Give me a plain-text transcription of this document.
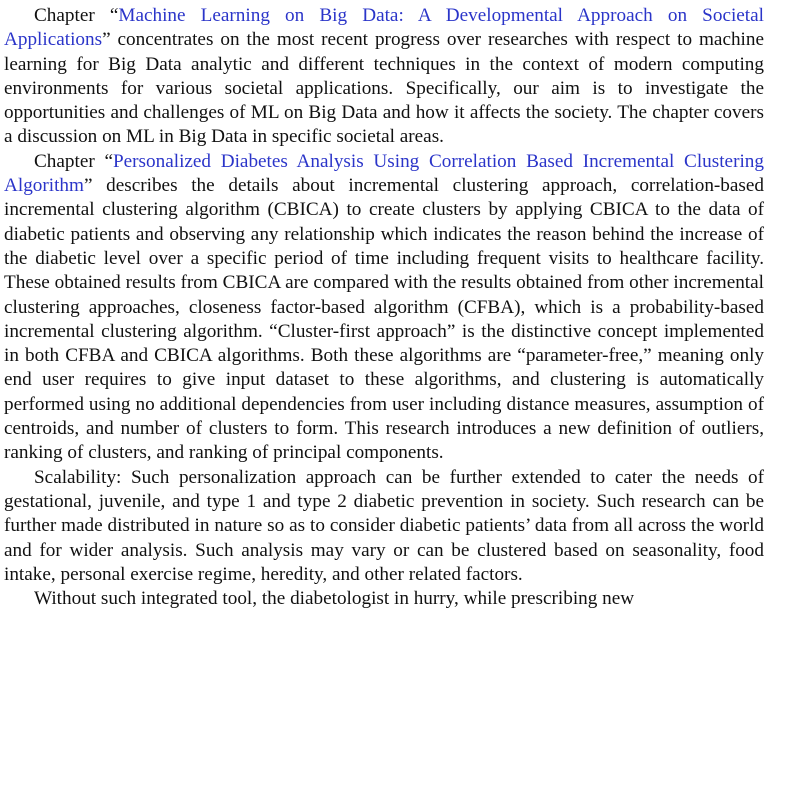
Chapter “Machine Learning on Big Data: A Developmental Approach on Societal Applications” concentrates on the most recent progress over researches with respect to machine learning for Big Data analytic and different techniques in the context of modern computing environments for various societal applications. Specifically, our aim is to investigate the opportunities and challenges of ML on Big Data and how it affects the society. The chapter covers a discussion on ML in Big Data in specific societal areas.

Chapter “Personalized Diabetes Analysis Using Correlation Based Incremental Clustering Algorithm” describes the details about incremental clustering approach, correlation-based incremental clustering algorithm (CBICA) to create clusters by applying CBICA to the data of diabetic patients and observing any relationship which indicates the reason behind the increase of the diabetic level over a specific period of time including frequent visits to healthcare facility. These obtained results from CBICA are compared with the results obtained from other incremental clustering approaches, closeness factor-based algorithm (CFBA), which is a probability-based incremental clustering algorithm. “Cluster-first approach” is the distinctive concept implemented in both CFBA and CBICA algorithms. Both these algorithms are “parameter-free,” meaning only end user requires to give input dataset to these algorithms, and clustering is automatically performed using no additional dependencies from user including distance measures, assumption of centroids, and number of clusters to form. This research introduces a new definition of outliers, ranking of clusters, and ranking of principal components.

Scalability: Such personalization approach can be further extended to cater the needs of gestational, juvenile, and type 1 and type 2 diabetic prevention in society. Such research can be further made distributed in nature so as to consider diabetic patients’ data from all across the world and for wider analysis. Such analysis may vary or can be clustered based on seasonality, food intake, personal exercise regime, heredity, and other related factors.

Without such integrated tool, the diabetologist in hurry, while prescribing new
